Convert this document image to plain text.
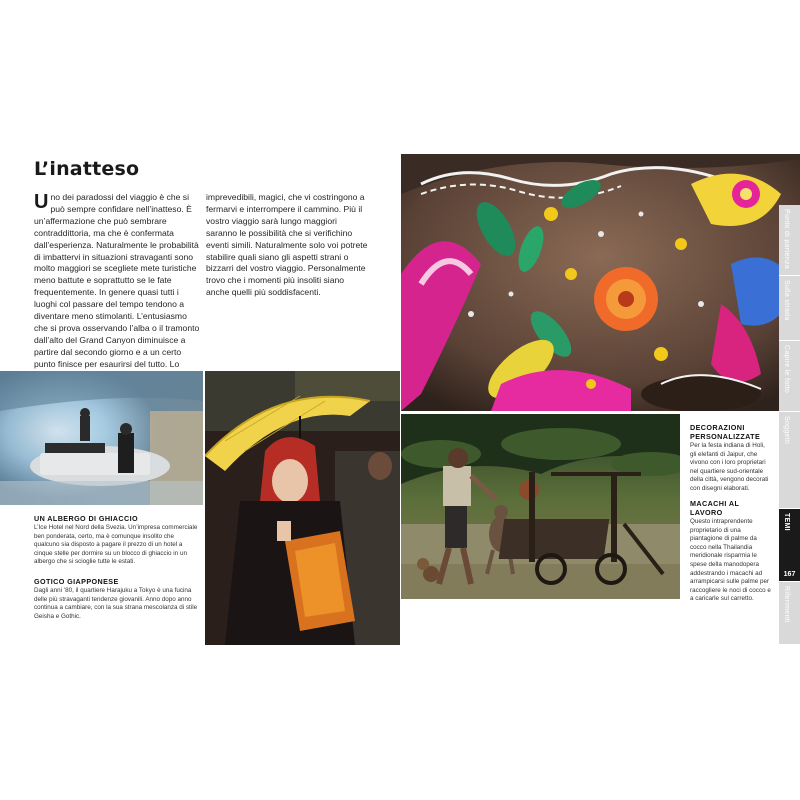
L’inatteso
Uno dei paradossi del viaggio è che si può sempre confidare nell’inatteso. È un’affermazione che può sembrare contraddittoria, ma che è confermata dall’esperienza. Naturalmente le probabilità di imbattervi in situazioni stravaganti sono molto maggiori se scegliete mete turistiche meno battute e soprattutto se le fate frequentemente. In genere quasi tutti i luoghi col passare del tempo tendono a diventare meno stimolanti. L’entusiasmo che si prova osservando l’alba o il tramonto dall’alto del Grand Canyon diminuisce a partire dal secondo giorno e a un certo punto finisce per esaurirsi del tutto. Lo
imprevedibili, magici, che vi costringono a fermarvi e interrompere il cammino. Più il vostro viaggio sarà lungo maggiori saranno le possibilità che si verifichino eventi simili. Naturalmente solo voi potrete stabilire quali siano gli aspetti strani o bizzarri del vostro viaggio. Personalmente trovo che i momenti più insoliti siano anche quelli più soddisfacenti.
UN ALBERGO DI GHIACCIO
L’Ice Hotel nel Nord della Svezia. Un’impresa commerciale ben ponderata, certo, ma è comunque insolito che qualcuno sia disposto a pagare il prezzo di un hotel a cinque stelle per dormire su un blocco di ghiaccio in un albergo che si scioglie tutte le estati.
GOTICO GIAPPONESE
Dagli anni ’80, il quartiere Harajuku a Tokyo è una fucina delle più stravaganti tendenze giovanili. Anno dopo anno continua a cambiare, con la sua strana mescolanza di stile Geisha e Gothic.
DECORAZIONI PERSONALIZZATE
Per la festa indiana di Holi, gli elefanti di Jaipur, che vivono con i loro proprietari nel quartiere sud-orientale della città, vengono decorati con disegni elaborati.
MACACHI AL LAVORO
Questo intraprendente proprietario di una piantagione di palme da cocco nella Thailandia meridionale risparmia le spese della manodopera addestrando i macachi ad arrampicarsi sulle palme per raccogliere le noci di cocco e a caricarle sul carretto.
Punto di partenza
Sulla strada
Capire le fotto
Soggetti
TEMI
167
Riferimenti
